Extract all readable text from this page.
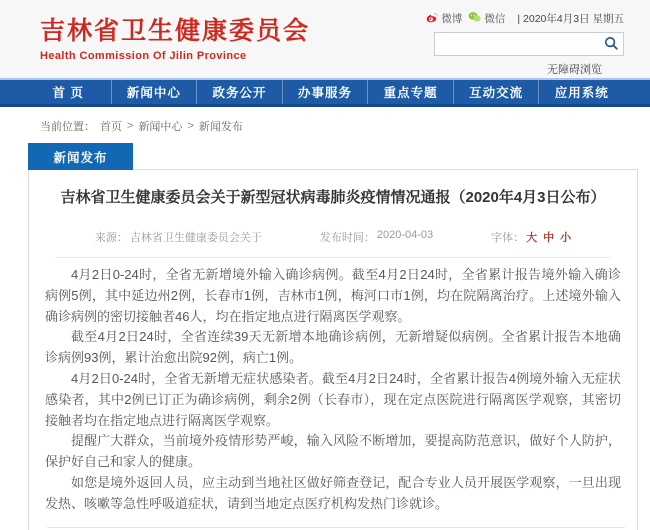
吉林省卫生健康委员会
Health Commission Of Jilin Province
微博 微信 | 2020年4月3日 星期五
无障碍浏览
首 页	新闻中心	政务公开	办事服务	重点专题	互动交流	应用系统
当前位置： 首页 > 新闻中心 > 新闻发布
新闻发布
吉林省卫生健康委员会关于新型冠状病毒肺炎疫情情况通报（2020年4月3日公布）
来源： 吉林省卫生健康委员会关于	发布时间： 2020-04-03	字体： 大 中 小

4月2日0-24时，全省无新增境外输入确诊病例。截至4月2日24时，全省累计报告境外输入确诊病例5例，其中延边州2例，长春市1例，吉林市1例，梅河口市1例，均在院隔离治疗。上述境外输入确诊病例的密切接触者46人，均在指定地点进行隔离医学观察。

截至4月2日24时，全省连续39天无新增本地确诊病例，无新增疑似病例。全省累计报告本地确诊病例93例，累计治愈出院92例，病亡1例。

4月2日0-24时，全省无新增无症状感染者。截至4月2日24时，全省累计报告4例境外输入无症状感染者，其中2例已订正为确诊病例，剩余2例（长春市），现在定点医院进行隔离医学观察，其密切接触者均在指定地点进行隔离医学观察。

提醒广大群众，当前境外疫情形势严峻，输入风险不断增加，要提高防范意识，做好个人防护，保护好自己和家人的健康。

如您是境外返回人员，应主动到当地社区做好筛查登记，配合专业人员开展医学观察，一旦出现发热、咳嗽等急性呼吸道症状，请到当地定点医疗机构发热门诊就诊。
